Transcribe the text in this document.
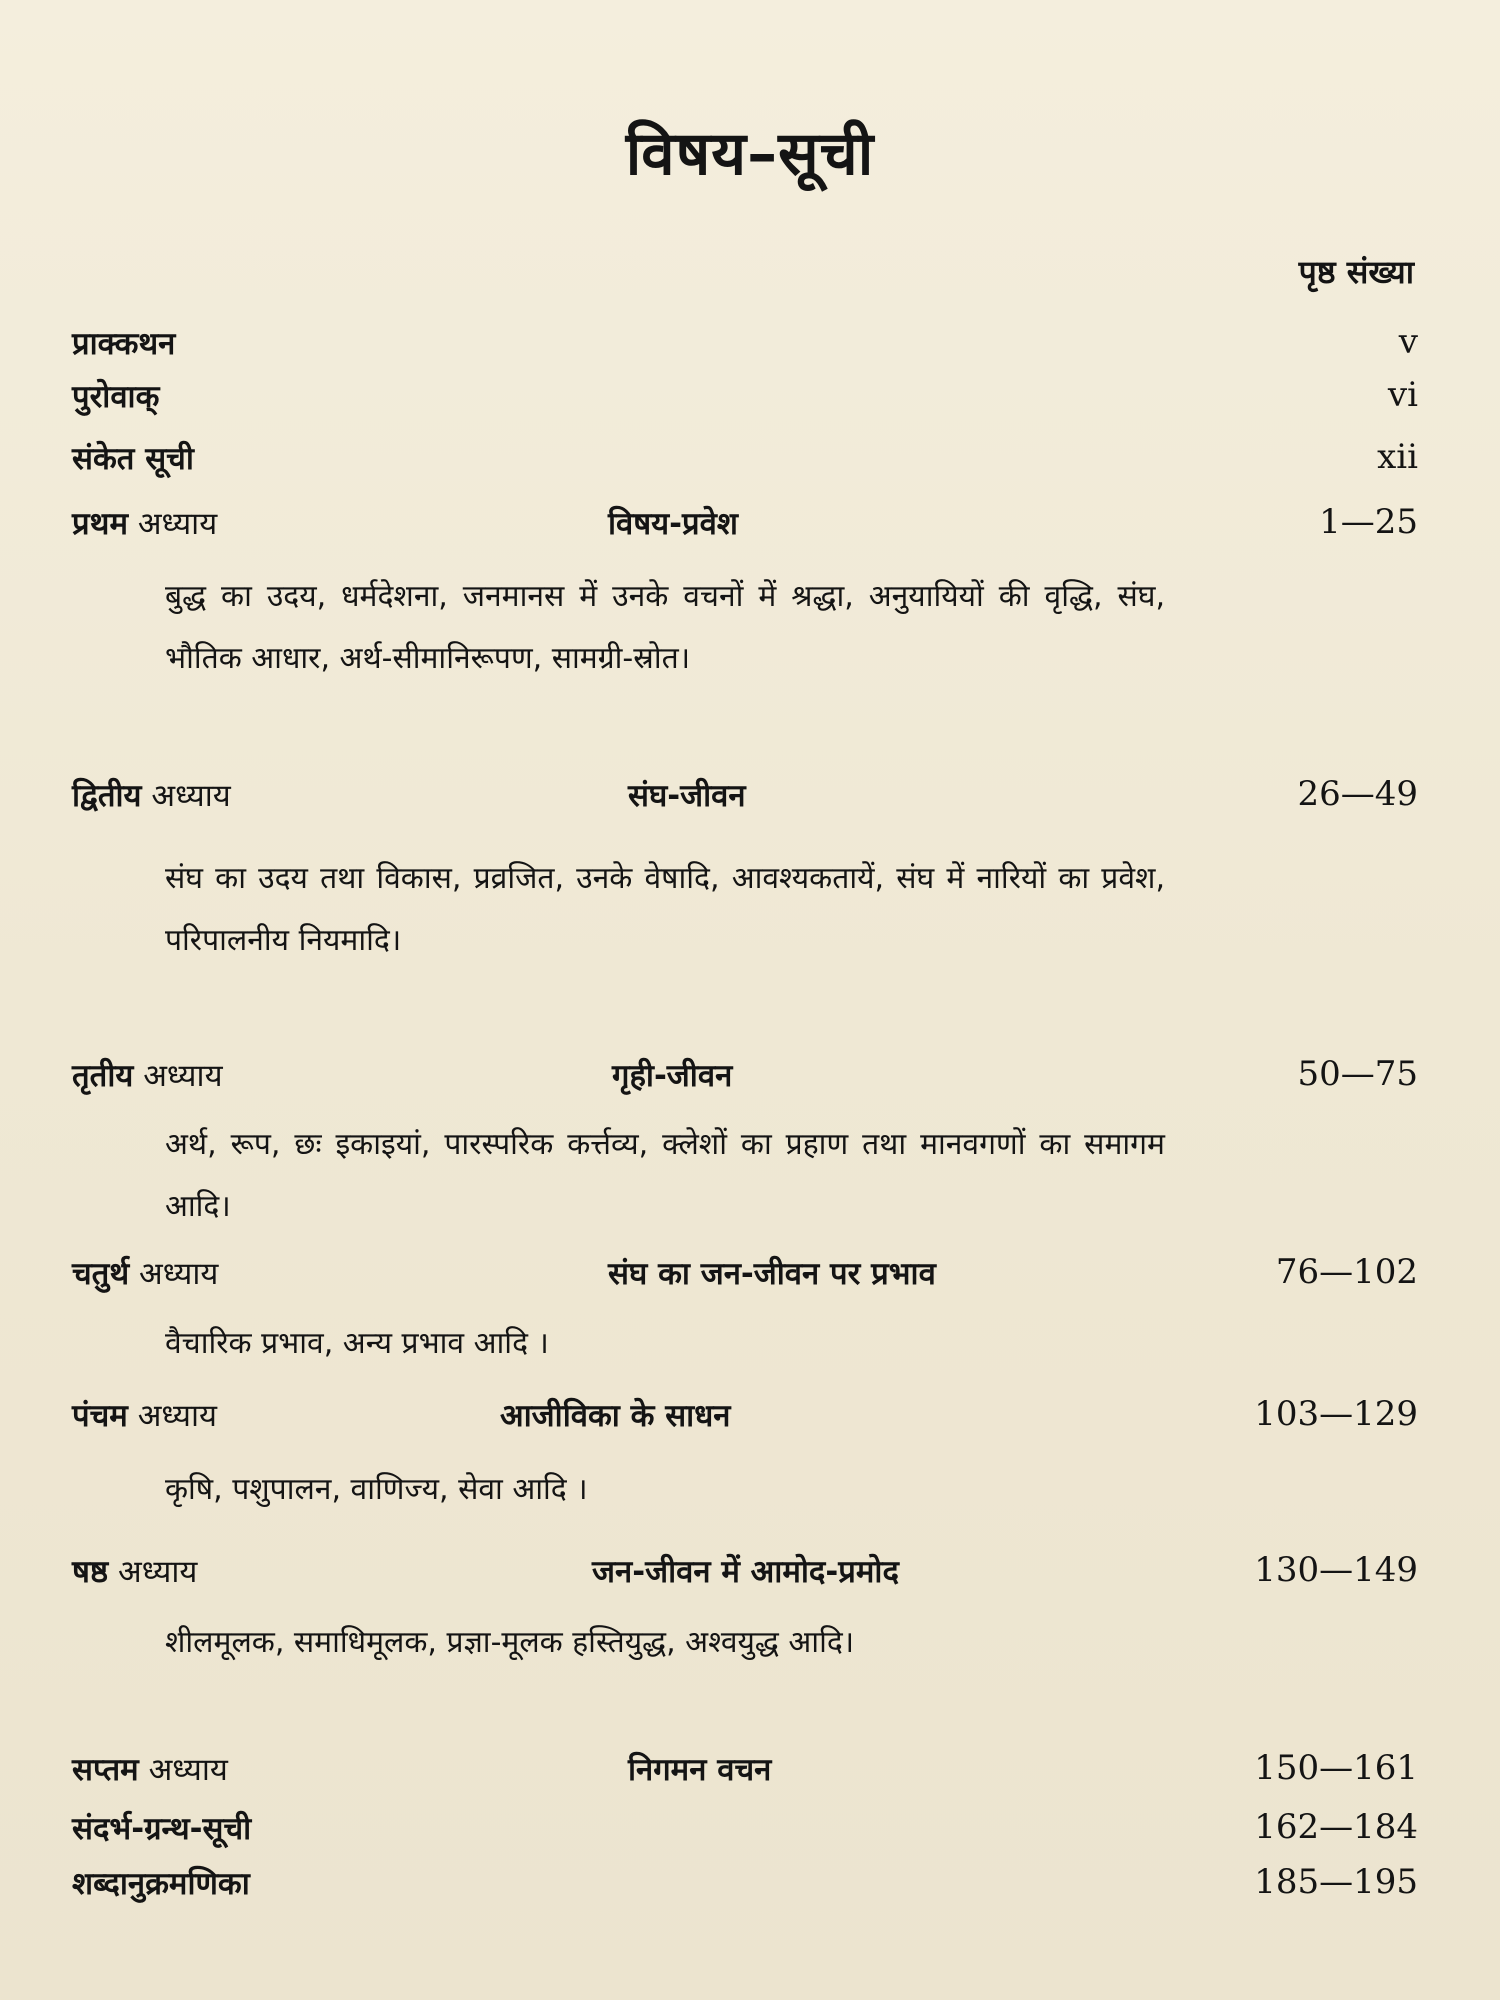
विषय–सूची
पृष्ठ संख्या
प्राक्कथन	v
पुरोवाक्	vi
संकेत सूची	xii
प्रथम अध्याय	विषय-प्रवेश	1—25
बुद्ध का उदय, धर्मदेशना, जनमानस में उनके वचनों में श्रद्धा, अनुयायियों की वृद्धि, संघ, भौतिक आधार, अर्थ-सीमानिरूपण, सामग्री-स्रोत।
द्वितीय अध्याय	संघ-जीवन	26—49
संघ का उदय तथा विकास, प्रव्रजित, उनके वेषादि, आवश्यकतायें, संघ में नारियों का प्रवेश, परिपालनीय नियमादि।
तृतीय अध्याय	गृही-जीवन	50—75
अर्थ, रूप, छः इकाइयां, पारस्परिक कर्त्तव्य, क्लेशों का प्रहाण तथा मानवगणों का समागम आदि।
चतुर्थ अध्याय	संघ का जन-जीवन पर प्रभाव	76—102
वैचारिक प्रभाव, अन्य प्रभाव आदि ।
पंचम अध्याय	आजीविका के साधन	103—129
कृषि, पशुपालन, वाणिज्य, सेवा आदि ।
षष्ठ अध्याय	जन-जीवन में आमोद-प्रमोद	130—149
शीलमूलक, समाधिमूलक, प्रज्ञा-मूलक हस्तियुद्ध, अश्वयुद्ध आदि।
सप्तम अध्याय	निगमन वचन	150—161
संदर्भ-ग्रन्थ-सूची	162—184
शब्दानुक्रमणिका	185—195
